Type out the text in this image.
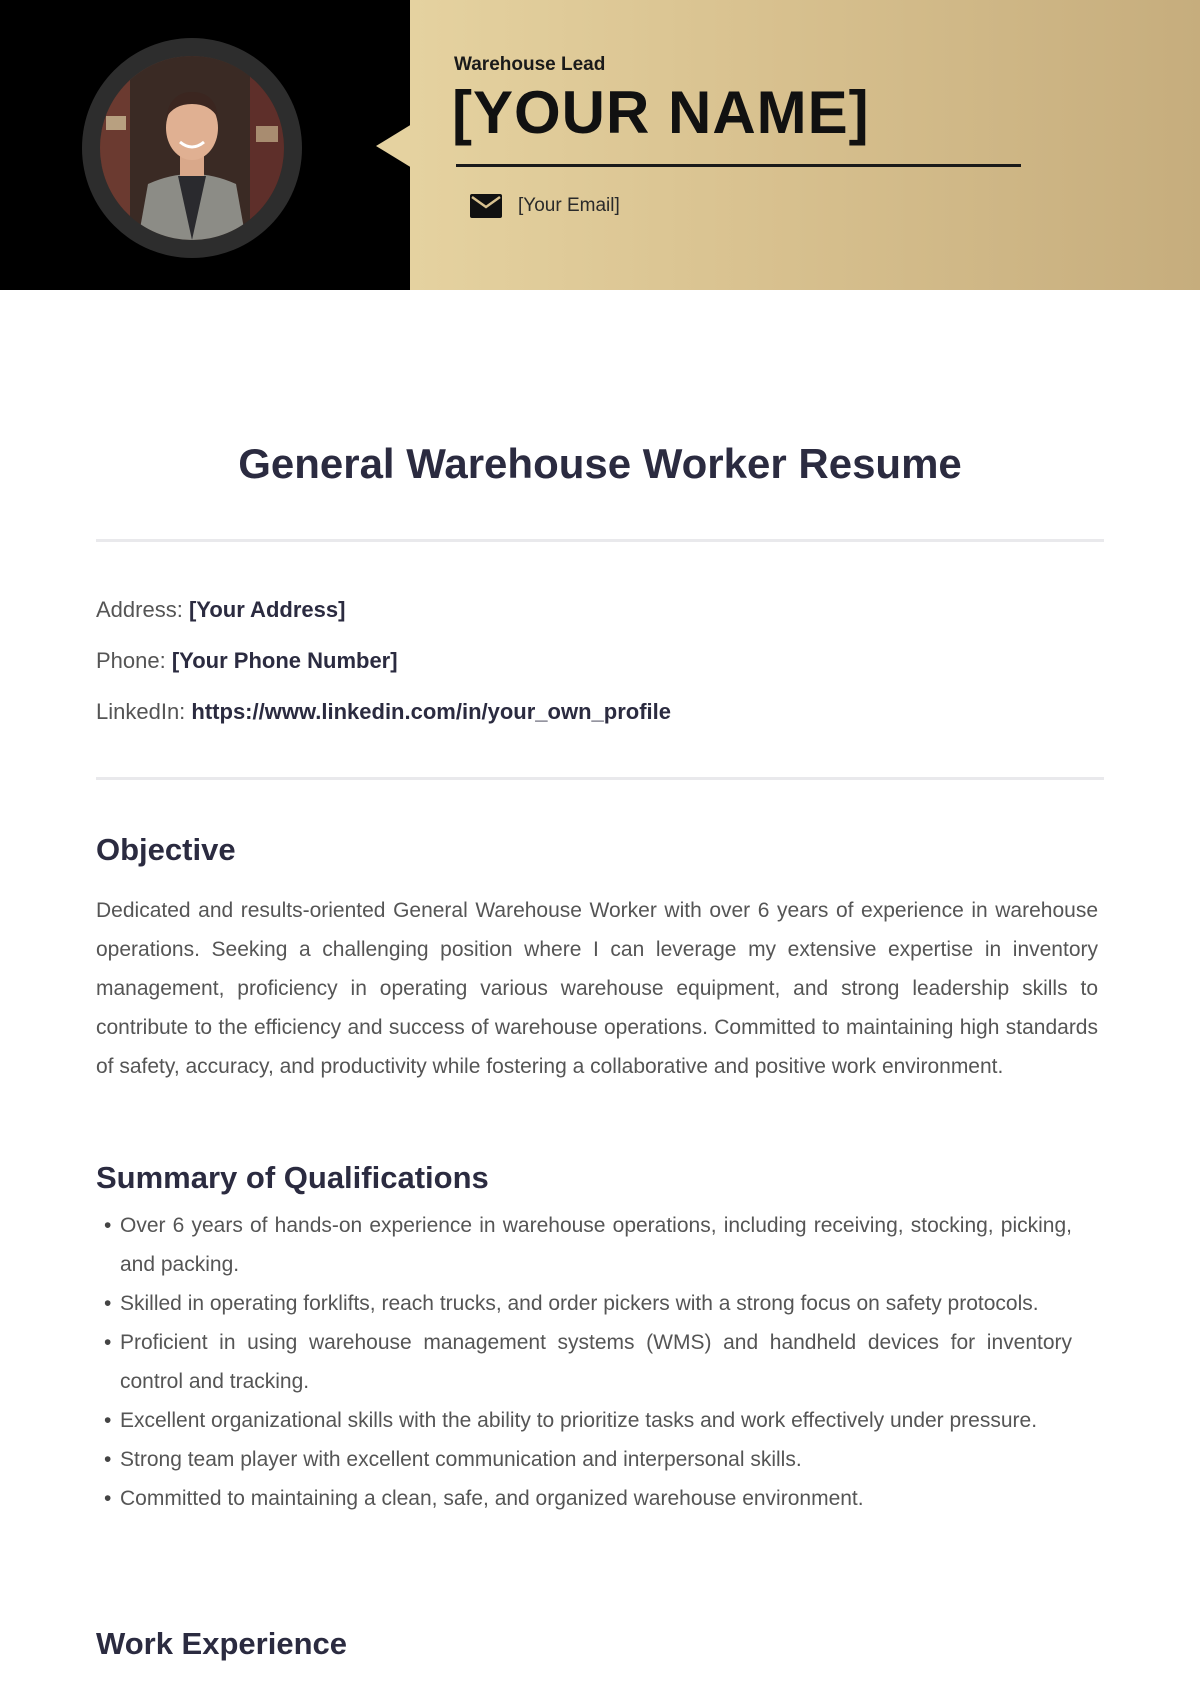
Warehouse Lead
[YOUR NAME]
[Your Email]
General Warehouse Worker Resume
Address: [Your Address]
Phone: [Your Phone Number]
LinkedIn: https://www.linkedin.com/in/your_own_profile
Objective
Dedicated and results-oriented General Warehouse Worker with over 6 years of experience in warehouse operations. Seeking a challenging position where I can leverage my extensive expertise in inventory management, proficiency in operating various warehouse equipment, and strong leadership skills to contribute to the efficiency and success of warehouse operations. Committed to maintaining high standards of safety, accuracy, and productivity while fostering a collaborative and positive work environment.
Summary of Qualifications
• Over 6 years of hands-on experience in warehouse operations, including receiving, stocking, picking, and packing.
• Skilled in operating forklifts, reach trucks, and order pickers with a strong focus on safety protocols.
• Proficient in using warehouse management systems (WMS) and handheld devices for inventory control and tracking.
• Excellent organizational skills with the ability to prioritize tasks and work effectively under pressure.
• Strong team player with excellent communication and interpersonal skills.
• Committed to maintaining a clean, safe, and organized warehouse environment.
Work Experience
